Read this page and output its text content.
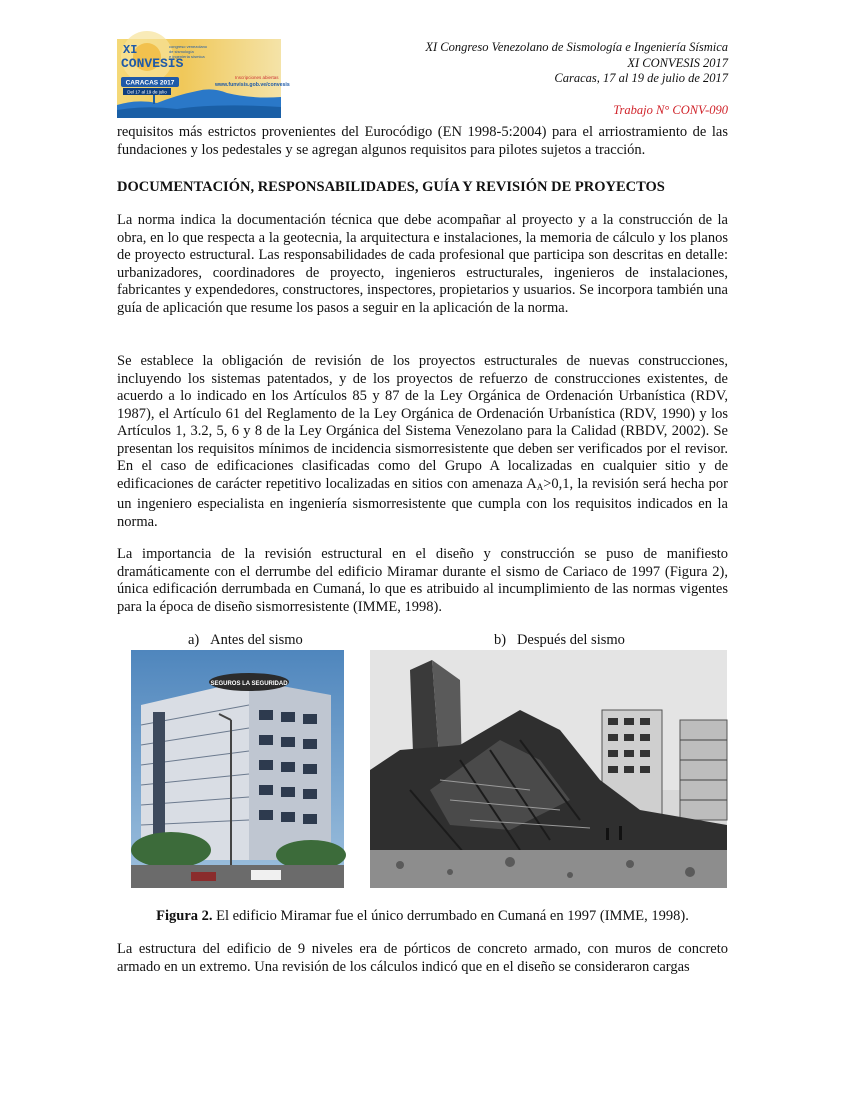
XI
CONVESIS
congreso venezolano
de sismología
e ingeniería sísmica
CARACAS 2017
Del 17 al 19 de julio
Inscripciones abiertas
www.funvisis.gob.ve/convesis
XI Congreso Venezolano de Sismología e Ingeniería Sísmica
XI CONVESIS 2017
Caracas, 17 al 19 de julio de 2017
Trabajo N° CONV-090

requisitos más estrictos provenientes del Eurocódigo (EN 1998-5:2004) para el arriostramiento de las fundaciones y los pedestales y se agregan algunos requisitos para pilotes sujetos a tracción.

DOCUMENTACIÓN, RESPONSABILIDADES, GUÍA Y REVISIÓN DE PROYECTOS

La norma indica la documentación técnica que debe acompañar al proyecto y a la construcción de la obra, en lo que respecta a la geotecnia, la arquitectura e instalaciones, la memoria de cálculo y los planos de proyecto estructural. Las responsabilidades de cada profesional que participa son descritas en detalle: urbanizadores, coordinadores de proyecto, ingenieros estructurales, ingenieros de instalaciones, fabricantes y expendedores, constructores, inspectores, propietarios y usuarios. Se incorpora también una guía de aplicación que resume los pasos a seguir en la aplicación de la norma.

Se establece la obligación de revisión de los proyectos estructurales de nuevas construcciones, incluyendo los sistemas patentados, y de los proyectos de refuerzo de construcciones existentes, de acuerdo a lo indicado en los Artículos 85 y 87 de la Ley Orgánica de Ordenación Urbanística (RDV, 1987), el Artículo 61 del Reglamento de la Ley Orgánica de Ordenación Urbanística (RDV, 1990) y los Artículos 1, 3.2, 5, 6 y 8 de la Ley Orgánica del Sistema Venezolano para la Calidad (RBDV, 2002). Se presentan los requisitos mínimos de incidencia sismorresistente que deben ser verificados por el revisor. En el caso de edificaciones clasificadas como del Grupo A localizadas en cualquier sitio y de edificaciones de carácter repetitivo localizadas en sitios con amenaza $A_A>0,1$, la revisión será hecha por un ingeniero especialista en ingeniería sismorresistente que cumpla con los requisitos indicados en la norma.

La importancia de la revisión estructural en el diseño y construcción se puso de manifiesto dramáticamente con el derrumbe del edificio Miramar durante el sismo de Cariaco de 1997 (Figura 2), única edificación derrumbada en Cumaná, lo que es atribuido al incumplimiento de las normas vigentes para la época de diseño sismorresistente (IMME, 1998).

a)   Antes del sismo	b)   Después del sismo
SEGUROS LA SEGURIDAD
Figura 2. El edificio Miramar fue el único derrumbado en Cumaná en 1997 (IMME, 1998).

La estructura del edificio de 9 niveles era de pórticos de concreto armado, con muros de concreto armado en un extremo. Una revisión de los cálculos indicó que en el diseño se consideraron cargas
